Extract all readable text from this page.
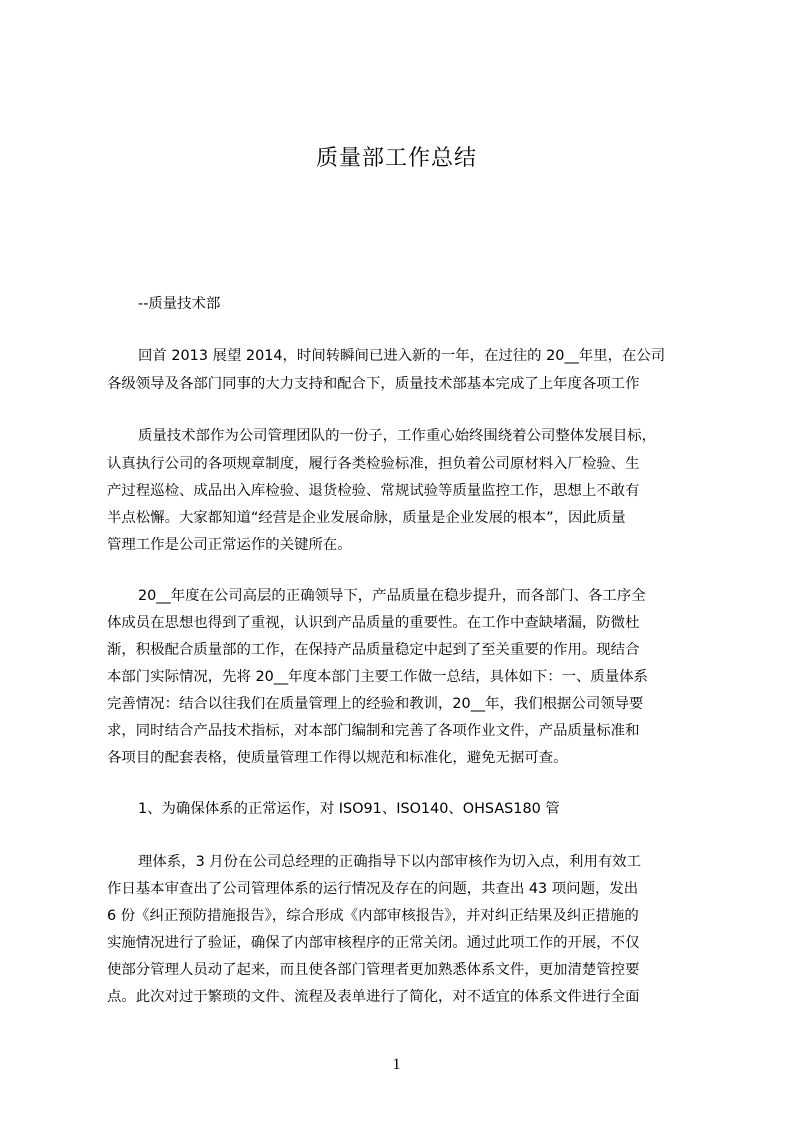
质量部工作总结
--质量技术部
回首 2013 展望 2014，时间转瞬间已进入新的一年，在过往的 20__年里，在公司
各级领导及各部门同事的大力支持和配合下，质量技术部基本完成了上年度各项工作
质量技术部作为公司管理团队的一份子，工作重心始终围绕着公司整体发展目标，
认真执行公司的各项规章制度，履行各类检验标准，担负着公司原材料入厂检验、生
产过程巡检、成品出入库检验、退货检验、常规试验等质量监控工作，思想上不敢有
半点松懈。大家都知道“经营是企业发展命脉，质量是企业发展的根本”，因此质量
管理工作是公司正常运作的关键所在。
20__年度在公司高层的正确领导下，产品质量在稳步提升，而各部门、各工序全
体成员在思想也得到了重视，认识到产品质量的重要性。在工作中查缺堵漏，防微杜
渐，积极配合质量部的工作，在保持产品质量稳定中起到了至关重要的作用。现结合
本部门实际情况，先将 20__年度本部门主要工作做一总结，具体如下：一、质量体系
完善情况：结合以往我们在质量管理上的经验和教训，20__年，我们根据公司领导要
求，同时结合产品技术指标，对本部门编制和完善了各项作业文件，产品质量标准和
各项目的配套表格，使质量管理工作得以规范和标准化，避免无据可查。
1、为确保体系的正常运作，对 ISO91、ISO140、OHSAS180 管
理体系，3 月份在公司总经理的正确指导下以内部审核作为切入点，利用有效工
作日基本审查出了公司管理体系的运行情况及存在的问题，共查出 43 项问题，发出
6 份《纠正预防措施报告》，综合形成《内部审核报告》，并对纠正结果及纠正措施的
实施情况进行了验证，确保了内部审核程序的正常关闭。通过此项工作的开展，不仅
使部分管理人员动了起来，而且使各部门管理者更加熟悉体系文件，更加清楚管控要
点。此次对过于繁琐的文件、流程及表单进行了简化，对不适宜的体系文件进行全面
1
